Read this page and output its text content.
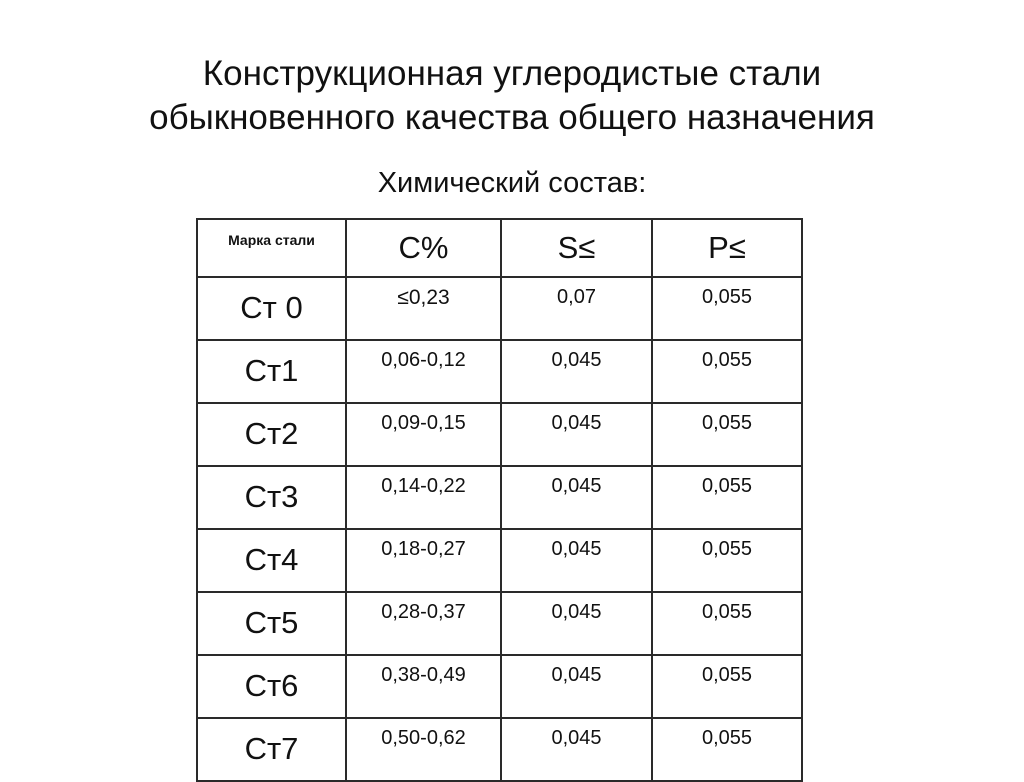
Конструкционная углеродистые стали
обыкновенного качества общего назначения
Химический состав:
Марка стали	C%	S≤	P≤

Ст 0	≤0,23	0,07	0,055

Ст1	0,06-0,12	0,045	0,055

Ст2	0,09-0,15	0,045	0,055

Ст3	0,14-0,22	0,045	0,055

Ст4	0,18-0,27	0,045	0,055

Ст5	0,28-0,37	0,045	0,055

Ст6	0,38-0,49	0,045	0,055

Ст7	0,50-0,62	0,045	0,055
